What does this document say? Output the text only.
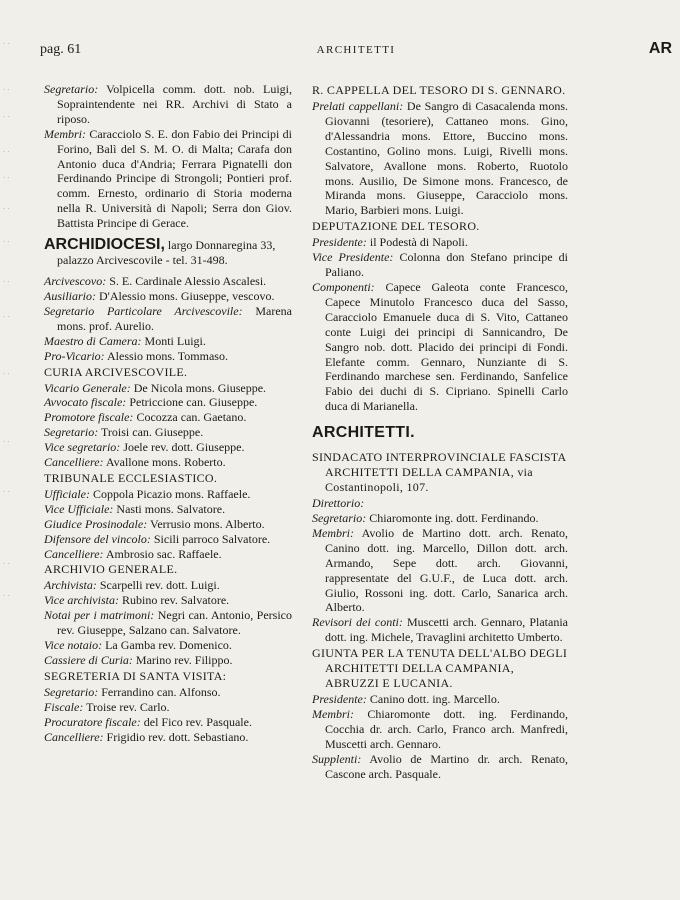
· ·
· ·
· ·
· ·
· ·
· ·
· ·
· ·
· ·
· ·
· ·
· ·
· ·
· ·
pag. 61	ARCHITETTI	AR
Segretario: Volpicella comm. dott. nob. Luigi, Sopraintendente nei RR. Archivi di Stato a riposo.
Membri: Caracciolo S. E. don Fabio dei Principi di Forino, Balì del S. M. O. di Malta; Carafa don Antonio duca d'Andria; Ferrara Pignatelli don Ferdinando Principe di Strongoli; Pontieri prof. comm. Ernesto, ordinario di Storia moderna nella R. Università di Napoli; Serra don Giov. Battista Principe di Gerace.
ARCHIDIOCESI, largo Donnaregina 33, palazzo Arcivescovile - tel. 31-498.
Arcivescovo: S. E. Cardinale Alessio Ascalesi.
Ausiliario: D'Alessio mons. Giuseppe, vescovo.
Segretario Particolare Arcivescovile: Marena mons. prof. Aurelio.
Maestro di Camera: Monti Luigi.
Pro-Vicario: Alessio mons. Tommaso.
CURIA ARCIVESCOVILE.
Vicario Generale: De Nicola mons. Giuseppe.
Avvocato fiscale: Petriccione can. Giuseppe.
Promotore fiscale: Cocozza can. Gaetano.
Segretario: Troisi can. Giuseppe.
Vice segretario: Joele rev. dott. Giuseppe.
Cancelliere: Avallone mons. Roberto.
TRIBUNALE ECCLESIASTICO.
Ufficiale: Coppola Picazio mons. Raffaele.
Vice Ufficiale: Nasti mons. Salvatore.
Giudice Prosinodale: Verrusio mons. Alberto.
Difensore del vincolo: Sicili parroco Salvatore.
Cancelliere: Ambrosio sac. Raffaele.
ARCHIVIO GENERALE.
Archivista: Scarpelli rev. dott. Luigi.
Vice archivista: Rubino rev. Salvatore.
Notai per i matrimoni: Negri can. Antonio, Persico rev. Giuseppe, Salzano can. Salvatore.
Vice notaio: La Gamba rev. Domenico.
Cassiere di Curia: Marino rev. Filippo.
SEGRETERIA DI SANTA VISITA:
Segretario: Ferrandino can. Alfonso.
Fiscale: Troise rev. Carlo.
Procuratore fiscale: del Fico rev. Pasquale.
Cancelliere: Frigidio rev. dott. Sebastiano.
R. CAPPELLA DEL TESORO DI S. GENNARO.
Prelati cappellani: De Sangro di Casacalenda mons. Giovanni (tesoriere), Cattaneo mons. Gino, d'Alessandria mons. Ettore, Buccino mons. Costantino, Golino mons. Luigi, Rivelli mons. Salvatore, Avallone mons. Roberto, Ruotolo mons. Ausilio, De Simone mons. Francesco, de Miranda mons. Giuseppe, Caracciolo mons. Mario, Barbieri mons. Luigi.
DEPUTAZIONE DEL TESORO.
Presidente: il Podestà di Napoli.
Vice Presidente: Colonna don Stefano principe di Paliano.
Componenti: Capece Galeota conte Francesco, Capece Minutolo Francesco duca del Sasso, Caracciolo Emanuele duca di S. Vito, Cattaneo conte Luigi dei principi di Sannicandro, De Sangro nob. dott. Placido dei principi di Fondi. Elefante comm. Gennaro, Nunziante di S. Ferdinando marchese sen. Ferdinando, Sanfelice Fabio dei duchi di S. Cipriano. Spinelli Carlo duca di Marianella.
ARCHITETTI.
SINDACATO INTERPROVINCIALE FASCISTA ARCHITETTI DELLA CAMPANIA, via Costantinopoli, 107.
Direttorio:
Segretario: Chiaromonte ing. dott. Ferdinando.
Membri: Avolio de Martino dott. arch. Renato, Canino dott. ing. Marcello, Dillon dott. arch. Armando, Sepe dott. arch. Giovanni, rappresentate del G.U.F., de Luca dott. arch. Giulio, Rossoni ing. dott. Carlo, Sanarica arch. Alberto.
Revisori dei conti: Muscetti arch. Gennaro, Platania dott. ing. Michele, Travaglini architetto Umberto.
GIUNTA PER LA TENUTA DELL'ALBO DEGLI ARCHITETTI DELLA CAMPANIA, ABRUZZI E LUCANIA.
Presidente: Canino dott. ing. Marcello.
Membri: Chiaromonte dott. ing. Ferdinando, Cocchia dr. arch. Carlo, Franco arch. Manfredi, Muscetti arch. Gennaro.
Supplenti: Avolio de Martino dr. arch. Renato, Cascone arch. Pasquale.
